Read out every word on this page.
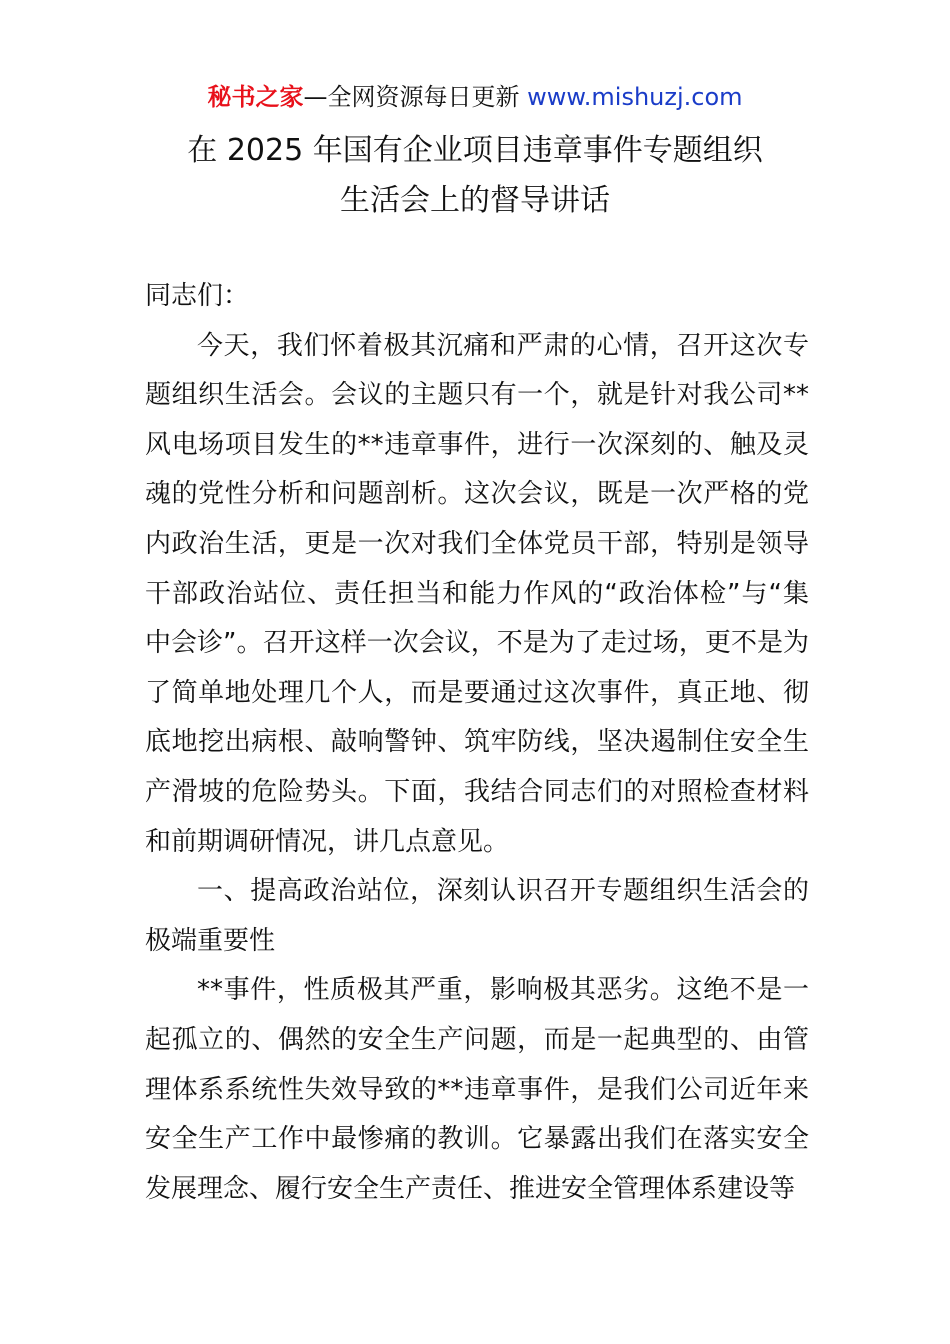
秘书之家—全网资源每日更新 www.mishuzj.com
在 2025 年国有企业项目违章事件专题组织
生活会上的督导讲话

同志们：

今天，我们怀着极其沉痛和严肃的心情，召开这次专题组织生活会。会议的主题只有一个，就是针对我公司**风电场项目发生的**违章事件，进行一次深刻的、触及灵魂的党性分析和问题剖析。这次会议，既是一次严格的党内政治生活，更是一次对我们全体党员干部，特别是领导干部政治站位、责任担当和能力作风的“政治体检”与“集中会诊”。召开这样一次会议，不是为了走过场，更不是为了简单地处理几个人，而是要通过这次事件，真正地、彻底地挖出病根、敲响警钟、筑牢防线，坚决遏制住安全生产滑坡的危险势头。下面，我结合同志们的对照检查材料和前期调研情况，讲几点意见。

一、提高政治站位，深刻认识召开专题组织生活会的极端重要性

**事件，性质极其严重，影响极其恶劣。这绝不是一起孤立的、偶然的安全生产问题，而是一起典型的、由管理体系系统性失效导致的**违章事件，是我们公司近年来安全生产工作中最惨痛的教训。它暴露出我们在落实安全发展理念、履行安全生产责任、推进安全管理体系建设等
